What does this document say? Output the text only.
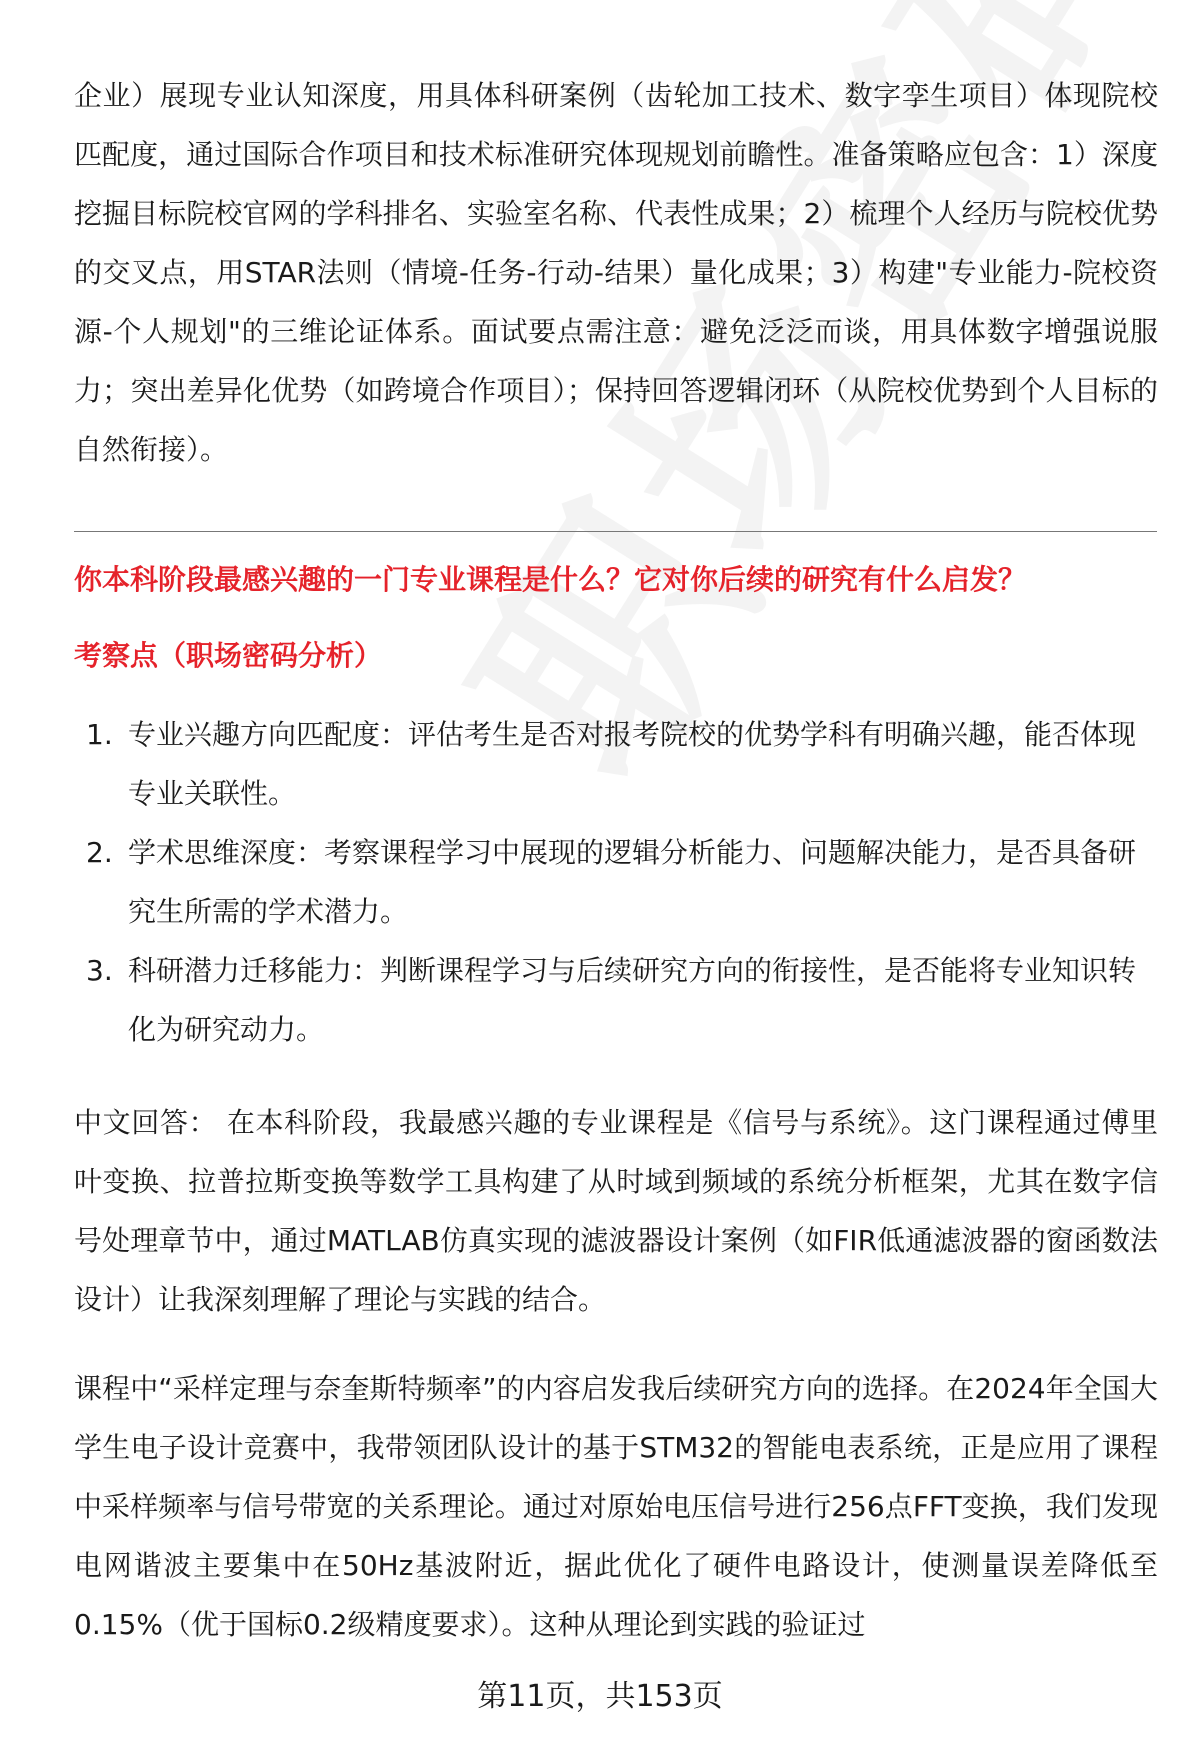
企业）展现专业认知深度，用具体科研案例（齿轮加工技术、数字孪生项目）体现院校匹配度，通过国际合作项目和技术标准研究体现规划前瞻性。准备策略应包含：1）深度挖掘目标院校官网的学科排名、实验室名称、代表性成果；2）梳理个人经历与院校优势的交叉点，用STAR法则（情境-任务-行动-结果）量化成果；3）构建"专业能力-院校资源-个人规划"的三维论证体系。面试要点需注意：避免泛泛而谈，用具体数字增强说服力；突出差异化优势（如跨境合作项目）；保持回答逻辑闭环（从院校优势到个人目标的自然衔接）。

你本科阶段最感兴趣的一门专业课程是什么？它对你后续的研究有什么启发？
考察点（职场密码分析）
1. 专业兴趣方向匹配度：评估考生是否对报考院校的优势学科有明确兴趣，能否体现专业关联性。
2. 学术思维深度：考察课程学习中展现的逻辑分析能力、问题解决能力，是否具备研究生所需的学术潜力。
3. 科研潜力迁移能力：判断课程学习与后续研究方向的衔接性，是否能将专业知识转化为研究动力。

中文回答： 在本科阶段，我最感兴趣的专业课程是《信号与系统》。这门课程通过傅里叶变换、拉普拉斯变换等数学工具构建了从时域到频域的系统分析框架，尤其在数字信号处理章节中，通过MATLAB仿真实现的滤波器设计案例（如FIR低通滤波器的窗函数法设计）让我深刻理解了理论与实践的结合。

课程中“采样定理与奈奎斯特频率”的内容启发我后续研究方向的选择。在2024年全国大学生电子设计竞赛中，我带领团队设计的基于STM32的智能电表系统，正是应用了课程中采样频率与信号带宽的关系理论。通过对原始电压信号进行256点FFT变换，我们发现电网谐波主要集中在50Hz基波附近，据此优化了硬件电路设计，使测量误差降低至0.15%（优于国标0.2级精度要求）。这种从理论到实践的验证过

第11页，共153页
